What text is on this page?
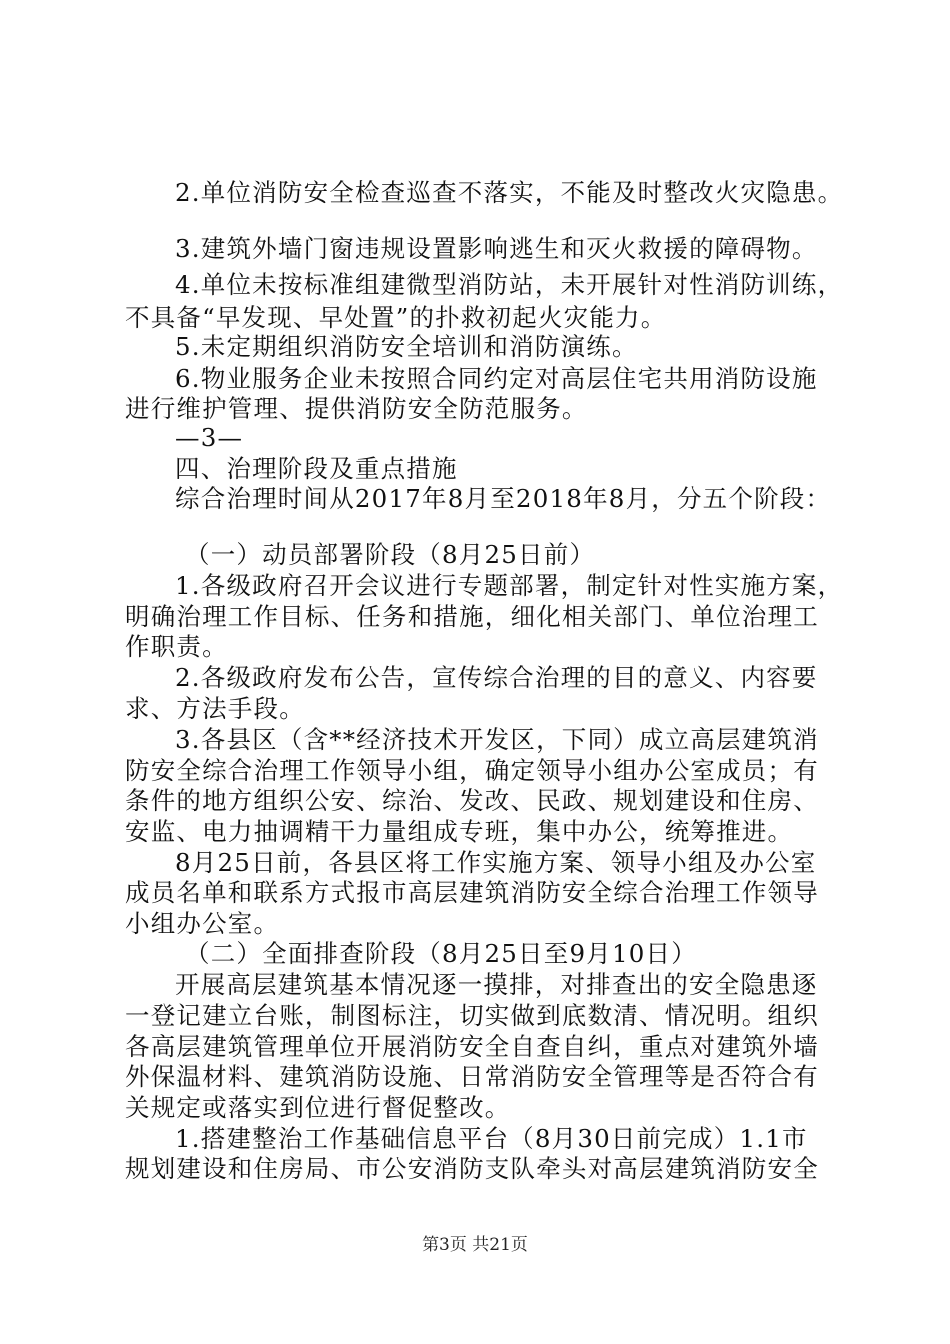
2.单位消防安全检查巡查不落实，不能及时整改火灾隐患。
3.建筑外墙门窗违规设置影响逃生和灭火救援的障碍物。
4.单位未按标准组建微型消防站，未开展针对性消防训练，
不具备“早发现、早处置”的扑救初起火灾能力。
5.未定期组织消防安全培训和消防演练。
6.物业服务企业未按照合同约定对高层住宅共用消防设施
进行维护管理、提供消防安全防范服务。
—3—
四、治理阶段及重点措施
综合治理时间从2017年8月至2018年8月，分五个阶段：
（一）动员部署阶段（8月25日前）
1.各级政府召开会议进行专题部署，制定针对性实施方案，
明确治理工作目标、任务和措施，细化相关部门、单位治理工
作职责。
2.各级政府发布公告，宣传综合治理的目的意义、内容要
求、方法手段。
3.各县区（含**经济技术开发区，下同）成立高层建筑消
防安全综合治理工作领导小组，确定领导小组办公室成员；有
条件的地方组织公安、综治、发改、民政、规划建设和住房、
安监、电力抽调精干力量组成专班，集中办公，统筹推进。
8月25日前，各县区将工作实施方案、领导小组及办公室
成员名单和联系方式报市高层建筑消防安全综合治理工作领导
小组办公室。
（二）全面排查阶段（8月25日至9月10日）
开展高层建筑基本情况逐一摸排，对排查出的安全隐患逐
一登记建立台账，制图标注，切实做到底数清、情况明。组织
各高层建筑管理单位开展消防安全自查自纠，重点对建筑外墙
外保温材料、建筑消防设施、日常消防安全管理等是否符合有
关规定或落实到位进行督促整改。
1.搭建整治工作基础信息平台（8月30日前完成）1.1市
规划建设和住房局、市公安消防支队牵头对高层建筑消防安全
第3页 共21页
